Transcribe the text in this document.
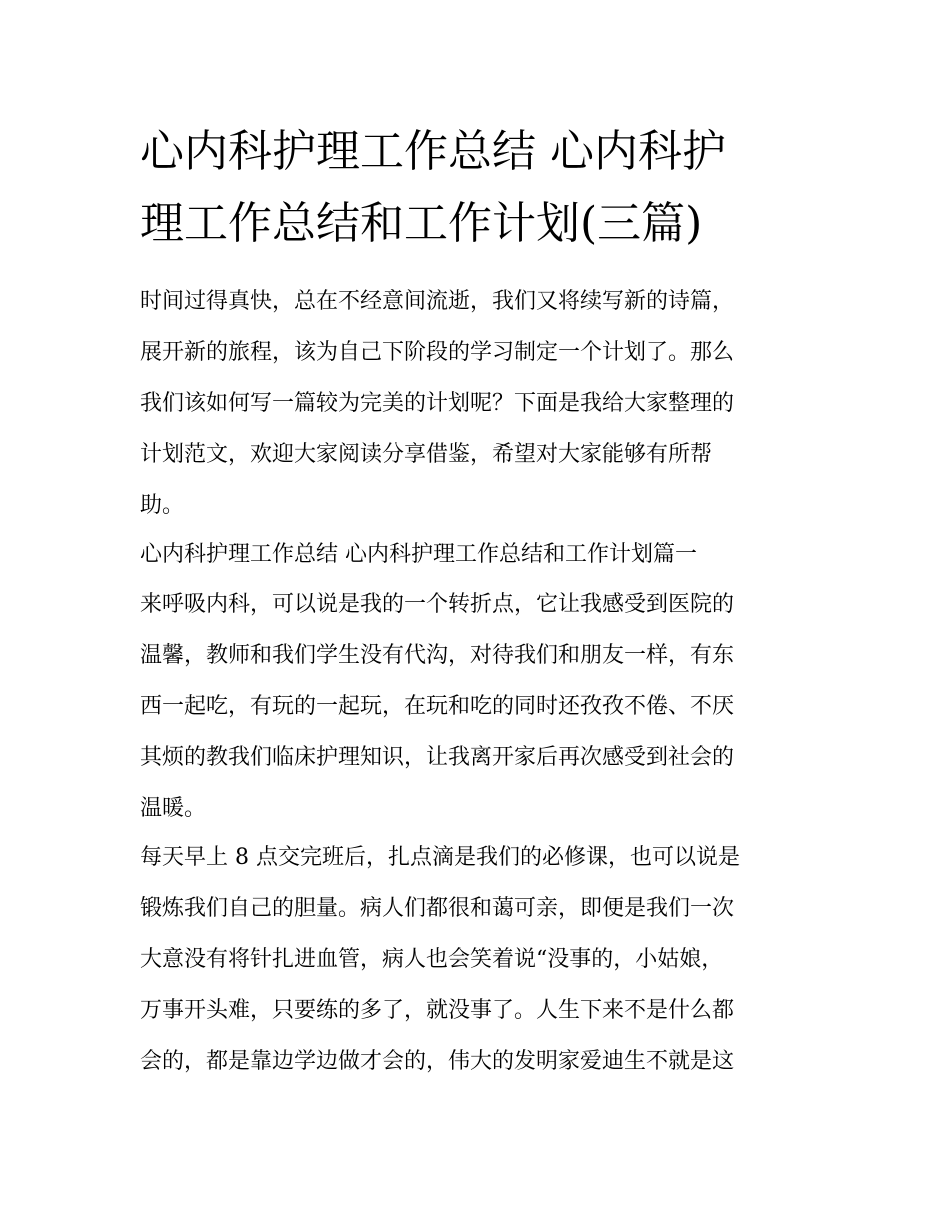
心内科护理工作总结 心内科护
理工作总结和工作计划(三篇)

时间过得真快，总在不经意间流逝，我们又将续写新的诗篇，
展开新的旅程，该为自己下阶段的学习制定一个计划了。那么
我们该如何写一篇较为完美的计划呢？下面是我给大家整理的
计划范文，欢迎大家阅读分享借鉴，希望对大家能够有所帮
助。

心内科护理工作总结 心内科护理工作总结和工作计划篇一

来呼吸内科，可以说是我的一个转折点，它让我感受到医院的
温馨，教师和我们学生没有代沟，对待我们和朋友一样，有东
西一起吃，有玩的一起玩，在玩和吃的同时还孜孜不倦、不厌
其烦的教我们临床护理知识，让我离开家后再次感受到社会的
温暖。

每天早上 8 点交完班后，扎点滴是我们的必修课，也可以说是
锻炼我们自己的胆量。病人们都很和蔼可亲，即便是我们一次
大意没有将针扎进血管，病人也会笑着说“没事的，小姑娘，
万事开头难，只要练的多了，就没事了。人生下来不是什么都
会的，都是靠边学边做才会的，伟大的发明家爱迪生不就是这
